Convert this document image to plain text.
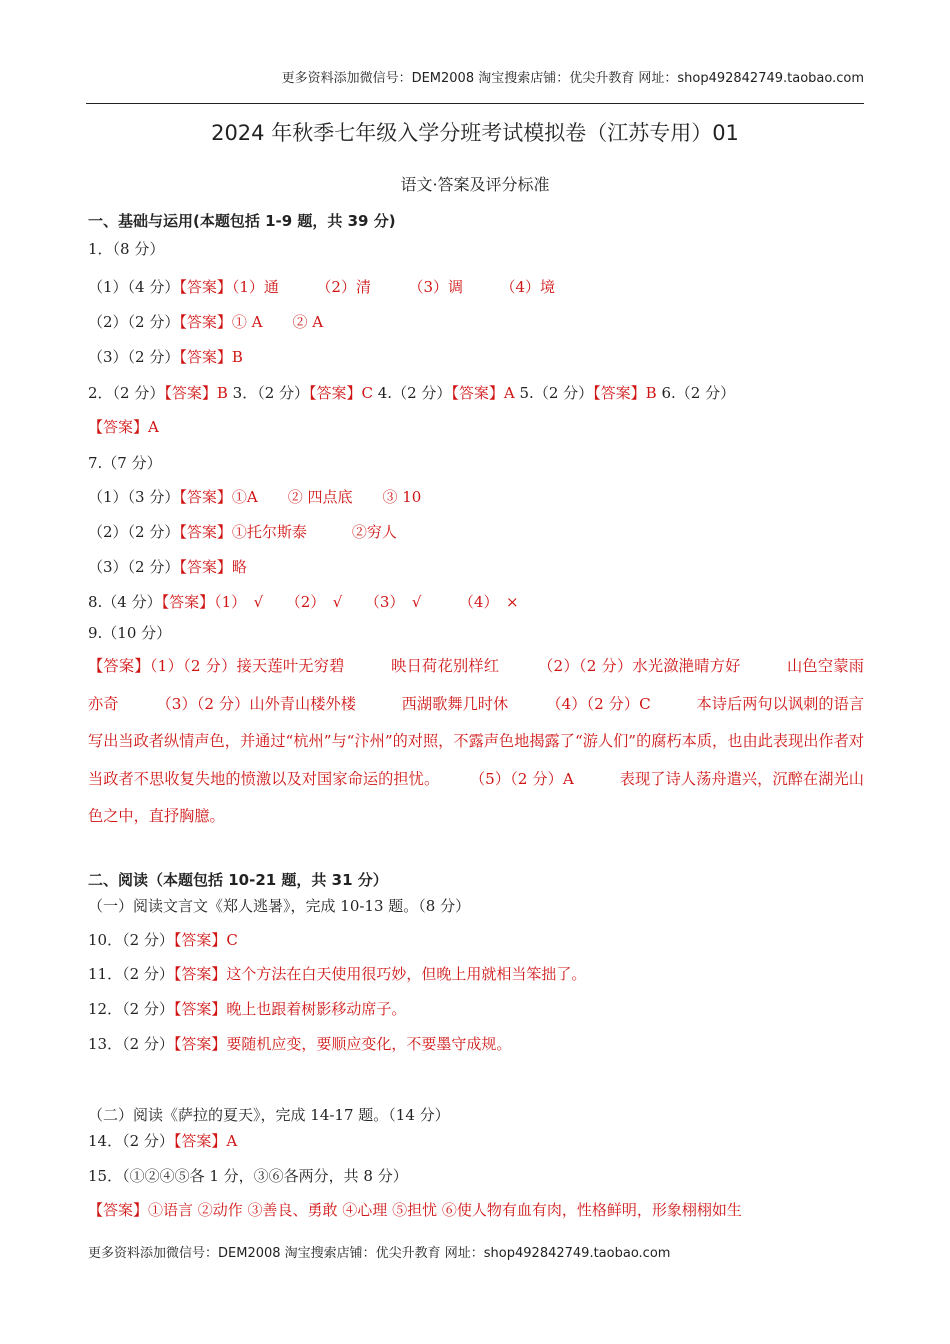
更多资料添加微信号：DEM2008 淘宝搜索店铺：优尖升教育 网址：shop492842749.taobao.com
2024 年秋季七年级入学分班考试模拟卷（江苏专用）01
语文·答案及评分标准
一、基础与运用(本题包括 1-9 题，共 39 分)
1．（8 分）
（1）（4 分）【答案】（1）通　　　（2）清　　　（3）调　　　（4）境
（2）（2 分）【答案】① A　　② A
（3）（2 分）【答案】B
2．（2 分）【答案】B 3．（2 分）【答案】C 4.（2 分）【答案】A 5.（2 分）【答案】B 6.（2 分）
【答案】A
7.（7 分）
（1）（3 分）【答案】①A　　② 四点底　　③ 10
（2）（2 分）【答案】①托尔斯泰　　　②穷人
（3）（2 分）【答案】略
8.（4 分）【答案】（1）　√　　（2）　√　　（3）　√　　　（4）　×
9.（10 分）
【答案】（1）（2 分）接天莲叶无穷碧　　　映日荷花别样红　　　（2）（2 分）水光潋滟晴方好　　　山色空蒙雨亦奇　　　（3）（2 分）山外青山楼外楼　　　西湖歌舞几时休　　　（4）（2 分）C　　　本诗后两句以讽刺的语言写出当政者纵情声色，并通过“杭州”与“汴州”的对照，不露声色地揭露了“游人们”的腐朽本质，也由此表现出作者对当政者不思收复失地的愤激以及对国家命运的担忧。　　　（5）（2 分）A　　　表现了诗人荡舟遣兴，沉醉在湖光山色之中，直抒胸臆。
二、阅读（本题包括 10-21 题，共 31 分）
（一）阅读文言文《郑人逃暑》，完成 10-13 题。（8 分）
10．（2 分）【答案】C
11．（2 分）【答案】这个方法在白天使用很巧妙，但晚上用就相当笨拙了。
12．（2 分）【答案】晚上也跟着树影移动席子。
13．（2 分）【答案】要随机应变，要顺应变化，不要墨守成规。
（二）阅读《萨拉的夏天》，完成 14-17 题。（14 分）
14．（2 分）【答案】A
15．（①②④⑤各 1 分，③⑥各两分，共 8 分）
【答案】①语言 ②动作 ③善良、勇敢 ④心理 ⑤担忧 ⑥使人物有血有肉，性格鲜明，形象栩栩如生
更多资料添加微信号：DEM2008 淘宝搜索店铺：优尖升教育 网址：shop492842749.taobao.com
